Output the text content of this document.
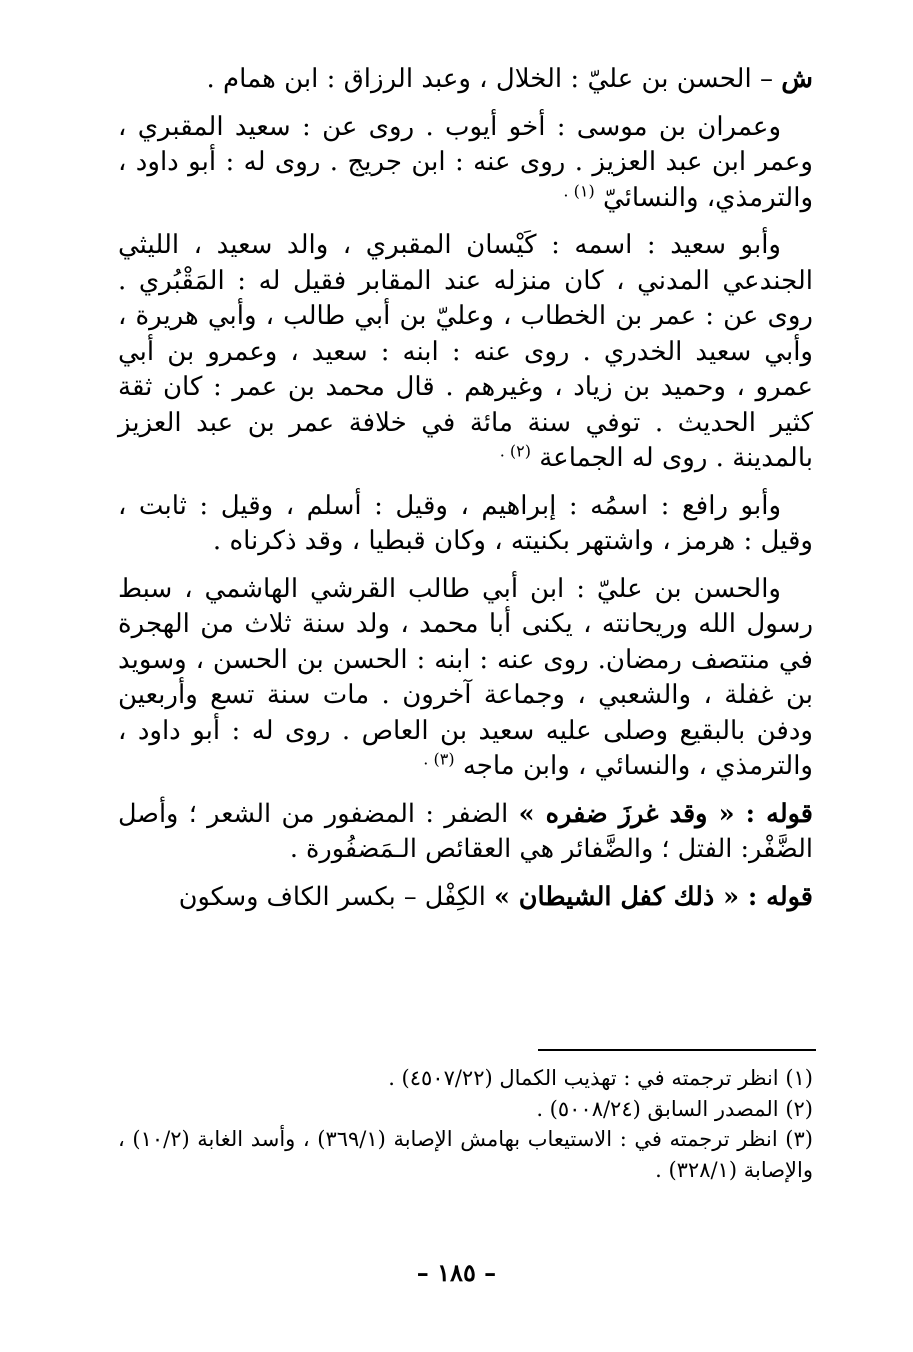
ش – الحسن بن عليّ : الخلال ، وعبد الرزاق : ابن همام .

وعمران بن موسى : أخو أيوب . روى عن : سعيد المقبري ، وعمر ابن عبد العزيز . روى عنه : ابن جريج . روى له : أبو داود ، والترمذي، والنسائيّ $^{(١) .}$

وأبو سعيد : اسمه : كَيْسان المقبري ، والد سعيد ، الليثي الجندعي المدني ، كان منزله عند المقابر فقيل له : المَقْبُري . روى عن : عمر بن الخطاب ، وعليّ بن أبي طالب ، وأبي هريرة ، وأبي سعيد الخدري . روى عنه : ابنه : سعيد ، وعمرو بن أبي عمرو ، وحميد بن زياد ، وغيرهم . قال محمد بن عمر : كان ثقة كثير الحديث . توفي سنة مائة في خلافة عمر بن عبد العزيز بالمدينة . روى له الجماعة $^{(٢) .}$

وأبو رافع : اسمُه : إبراهيم ، وقيل : أسلم ، وقيل : ثابت ، وقيل : هرمز ، واشتهر بكنيته ، وكان قبطيا ، وقد ذكرناه .

والحسن بن عليّ : ابن أبي طالب القرشي الهاشمي ، سبط رسول الله وريحانته ، يكنى أبا محمد ، ولد سنة ثلاث من الهجرة في منتصف رمضان. روى عنه : ابنه : الحسن بن الحسن ، وسويد بن غفلة ، والشعبي ، وجماعة آخرون . مات سنة تسع وأربعين ودفن بالبقيع وصلى عليه سعيد بن العاص . روى له : أبو داود ، والترمذي ، والنسائي ، وابن ماجه $^{(٣) .}$

قوله : « وقد غرزَ ضفره » الضفر : المضفور من الشعر ؛ وأصل الضَّفْر: الفتل ؛ والضَّفائر هي العقائص الـمَضفُورة .

قوله : « ذلك كفل الشيطان » الكِفْل – بكسر الكاف وسكون

(١) انظر ترجمته في : تهذيب الكمال (٤٥٠٧/٢٢) .

(٢) المصدر السابق (٥٠٠٨/٢٤) .

(٣) انظر ترجمته في : الاستيعاب بهامش الإصابة (٣٦٩/١) ، وأسد الغابة (١٠/٢) ، والإصابة (٣٢٨/١) .

– ١٨٥ –
